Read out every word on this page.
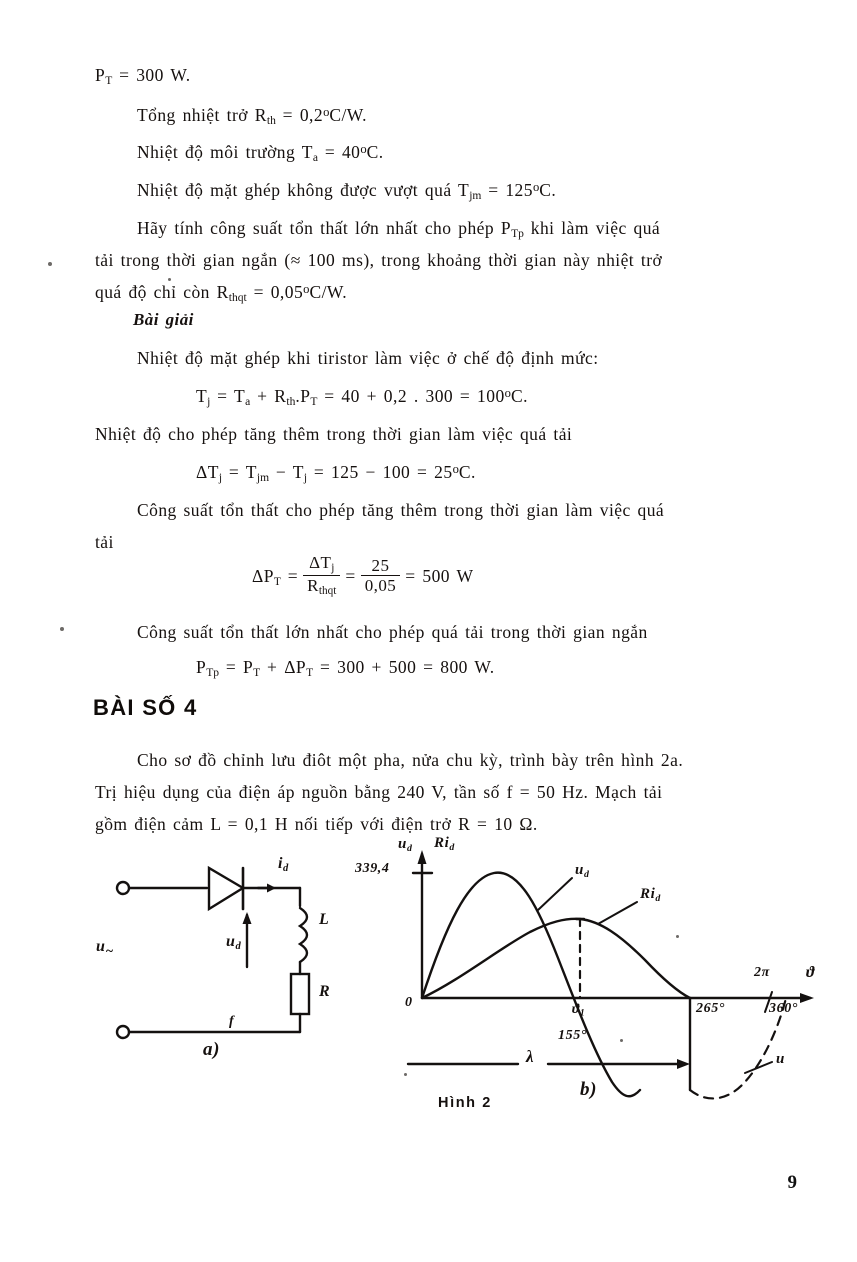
$P_T = 300$ W.
Tổng nhiệt trở $R_{th} = 0,2^oC/W$.
Nhiệt độ môi trường $T_a = 40^oC$.
Nhiệt độ mặt ghép không được vượt quá $T_{jm} = 125^oC$.
Hãy tính công suất tổn thất lớn nhất cho phép $P_{Tp}$ khi làm việc quá
tải trong thời gian ngắn (≈ 100 ms), trong khoảng thời gian này nhiệt trở
quá độ chỉ còn $R_{thqt} = 0,05^oC/W$.
Bài giải
Nhiệt độ mặt ghép khi tiristor làm việc ở chế độ định mức:
$T_j = T_a + R_{th}.P_T = 40 + 0,2$ . $300 = 100^oC$.
Nhiệt độ cho phép tăng thêm trong thời gian làm việc quá tải
$\Delta T_j = T_{jm} - T_j = 125 - 100 = 25^oC$.
Công suất tổn thất cho phép tăng thêm trong thời gian làm việc quá
tải
$\Delta P_T = \frac{\Delta T_j}{R_{thqt}} = \frac{25}{0,05} = 500$ W
Công suất tổn thất lớn nhất cho phép quá tải trong thời gian ngắn
$P_{Tp} = P_T + \Delta P_T = 300 + 500 = 800$ W.
BÀI SỐ 4
Cho sơ đồ chỉnh lưu điôt một pha, nửa chu kỳ, trình bày trên hình 2a.
Trị hiệu dụng của điện áp nguồn bằng 240 V, tần số f = 50 Hz. Mạch tải
gồm điện cảm L = 0,1 H nối tiếp với điện trở R = 10 Ω.
$u_\sim$
$i_d$
$u_d$
L
R
f
a)
$u_d$ $Ri_d$
339,4
0
ϑ
$u_d$
$Ri_d$
u
$ϑ_1$
155°
265°	360°
2π
λ
b)
Hình 2
9
